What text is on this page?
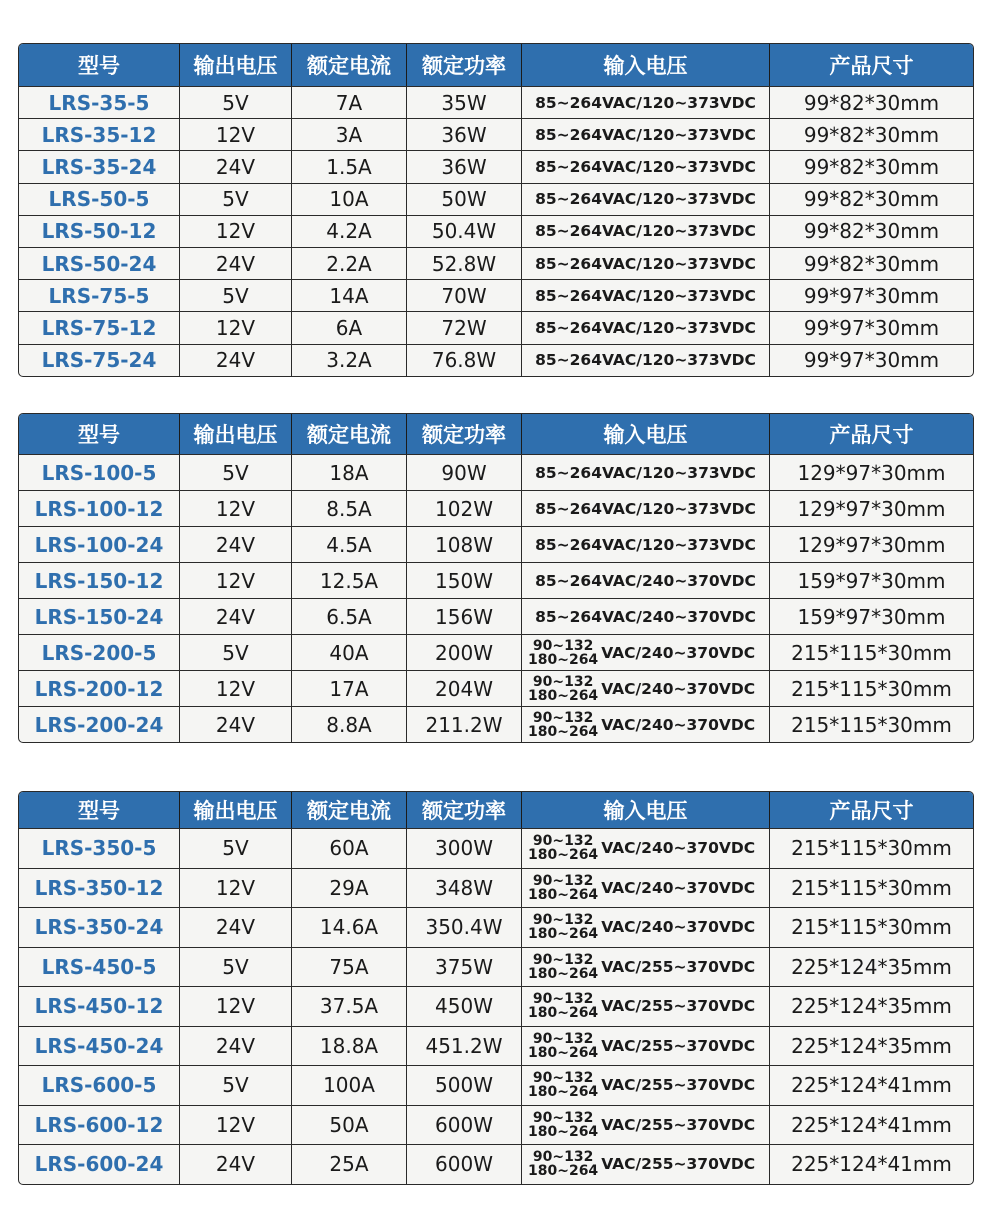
型号	输出电压	额定电流	额定功率	输入电压	产品尺寸
LRS-35-5	5V	7A	35W	85~264VAC/120~373VDC	99*82*30mm
LRS-35-12	12V	3A	36W	85~264VAC/120~373VDC	99*82*30mm
LRS-35-24	24V	1.5A	36W	85~264VAC/120~373VDC	99*82*30mm
LRS-50-5	5V	10A	50W	85~264VAC/120~373VDC	99*82*30mm
LRS-50-12	12V	4.2A	50.4W	85~264VAC/120~373VDC	99*82*30mm
LRS-50-24	24V	2.2A	52.8W	85~264VAC/120~373VDC	99*82*30mm
LRS-75-5	5V	14A	70W	85~264VAC/120~373VDC	99*97*30mm
LRS-75-12	12V	6A	72W	85~264VAC/120~373VDC	99*97*30mm
LRS-75-24	24V	3.2A	76.8W	85~264VAC/120~373VDC	99*97*30mm
型号	输出电压	额定电流	额定功率	输入电压	产品尺寸
LRS-100-5	5V	18A	90W	85~264VAC/120~373VDC	129*97*30mm
LRS-100-12	12V	8.5A	102W	85~264VAC/120~373VDC	129*97*30mm
LRS-100-24	24V	4.5A	108W	85~264VAC/120~373VDC	129*97*30mm
LRS-150-12	12V	12.5A	150W	85~264VAC/240~370VDC	159*97*30mm
LRS-150-24	24V	6.5A	156W	85~264VAC/240~370VDC	159*97*30mm
LRS-200-5	5V	40A	200W	90~132
180~264 VAC/240~370VDC	215*115*30mm
LRS-200-12	12V	17A	204W	90~132
180~264 VAC/240~370VDC	215*115*30mm
LRS-200-24	24V	8.8A	211.2W	90~132
180~264 VAC/240~370VDC	215*115*30mm
型号	输出电压	额定电流	额定功率	输入电压	产品尺寸
LRS-350-5	5V	60A	300W	90~132
180~264 VAC/240~370VDC	215*115*30mm
LRS-350-12	12V	29A	348W	90~132
180~264 VAC/240~370VDC	215*115*30mm
LRS-350-24	24V	14.6A	350.4W	90~132
180~264 VAC/240~370VDC	215*115*30mm
LRS-450-5	5V	75A	375W	90~132
180~264 VAC/255~370VDC	225*124*35mm
LRS-450-12	12V	37.5A	450W	90~132
180~264 VAC/255~370VDC	225*124*35mm
LRS-450-24	24V	18.8A	451.2W	90~132
180~264 VAC/255~370VDC	225*124*35mm
LRS-600-5	5V	100A	500W	90~132
180~264 VAC/255~370VDC	225*124*41mm
LRS-600-12	12V	50A	600W	90~132
180~264 VAC/255~370VDC	225*124*41mm
LRS-600-24	24V	25A	600W	90~132
180~264 VAC/255~370VDC	225*124*41mm
